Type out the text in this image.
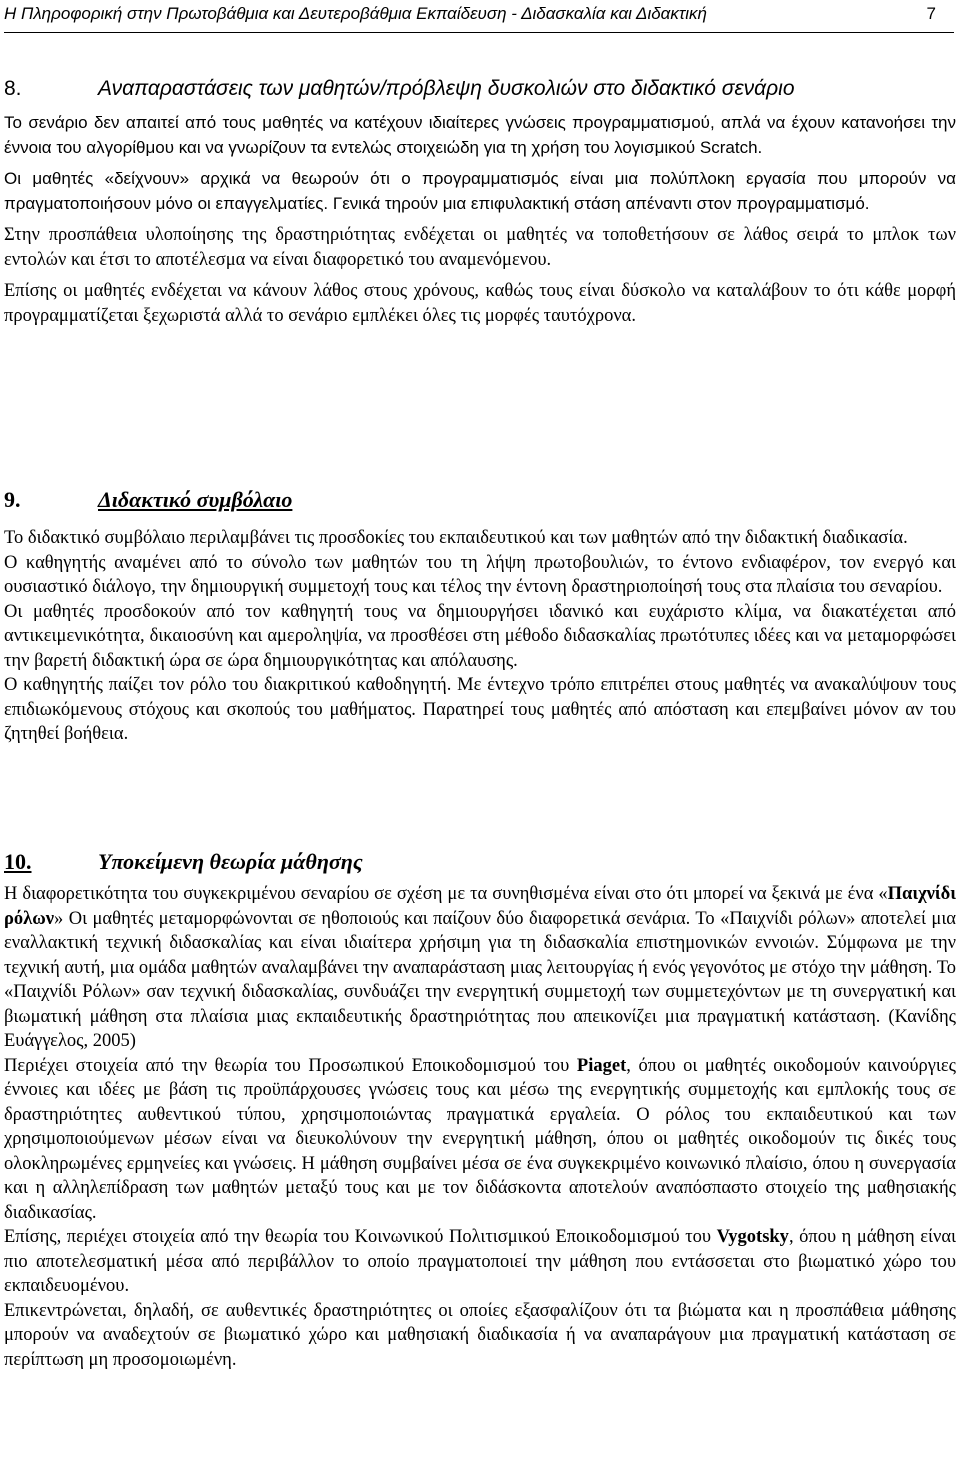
Η Πληροφορική στην Πρωτοβάθμια και Δευτεροβάθμια Εκπαίδευση - Διδασκαλία και Διδακτική	7
8.	Αναπαραστάσεις των μαθητών/πρόβλεψη δυσκολιών στο διδακτικό σενάριο

Το σενάριο δεν απαιτεί από τους μαθητές να κατέχουν ιδιαίτερες γνώσεις προγραμματισμού, απλά να έχουν κατανοήσει την έννοια του αλγορίθμου και να γνωρίζουν τα εντελώς στοιχειώδη για τη χρήση του λογισμικού Scratch.

Οι μαθητές «δείχνουν» αρχικά να θεωρούν ότι ο προγραμματισμός είναι μια πολύπλοκη εργασία που μπορούν να πραγματοποιήσουν μόνο οι επαγγελματίες. Γενικά τηρούν μια επιφυλακτική στάση απέναντι στον προγραμματισμό.

Στην προσπάθεια υλοποίησης της δραστηριότητας ενδέχεται οι μαθητές να τοποθετήσουν σε λάθος σειρά το μπλοκ των εντολών και έτσι το αποτέλεσμα να είναι διαφορετικό του αναμενόμενου.

Επίσης οι μαθητές ενδέχεται να κάνουν λάθος στους χρόνους, καθώς τους είναι δύσκολο να καταλάβουν το ότι κάθε μορφή προγραμματίζεται ξεχωριστά αλλά το σενάριο εμπλέκει όλες τις μορφές ταυτόχρονα.

9.	Διδακτικό συμβόλαιο

Το διδακτικό συμβόλαιο περιλαμβάνει τις προσδοκίες του εκπαιδευτικού και των μαθητών από την διδακτική διαδικασία.

Ο καθηγητής αναμένει από το σύνολο των μαθητών του τη λήψη πρωτοβουλιών, το έντονο ενδιαφέρον, τον ενεργό και ουσιαστικό διάλογο, την δημιουργική συμμετοχή τους και τέλος την έντονη δραστηριοποίησή τους στα πλαίσια του σεναρίου.

Οι μαθητές προσδοκούν από τον καθηγητή τους να δημιουργήσει ιδανικό και ευχάριστο κλίμα, να διακατέχεται από αντικειμενικότητα, δικαιοσύνη και αμεροληψία, να προσθέσει στη μέθοδο διδασκαλίας πρωτότυπες ιδέες και να μεταμορφώσει την βαρετή διδακτική ώρα σε ώρα δημιουργικότητας και απόλαυσης.

Ο καθηγητής παίζει τον ρόλο του διακριτικού καθοδηγητή. Με έντεχνο τρόπο επιτρέπει στους μαθητές να ανακαλύψουν τους επιδιωκόμενους στόχους και σκοπούς του μαθήματος. Παρατηρεί τους μαθητές από απόσταση και επεμβαίνει μόνον αν του ζητηθεί βοήθεια.

10.	Υποκείμενη θεωρία μάθησης

Η διαφορετικότητα του συγκεκριμένου σεναρίου σε σχέση με τα συνηθισμένα είναι στο ότι μπορεί να ξεκινά με ένα «Παιχνίδι ρόλων» Οι μαθητές μεταμορφώνονται σε ηθοποιούς και παίζουν δύο διαφορετικά σενάρια. Το «Παιχνίδι ρόλων» αποτελεί μια εναλλακτική τεχνική διδασκαλίας και είναι ιδιαίτερα χρήσιμη για τη διδασκαλία επιστημονικών εννοιών. Σύμφωνα με την τεχνική αυτή, μια ομάδα μαθητών αναλαμβάνει την αναπαράσταση μιας λειτουργίας ή ενός γεγονότος με στόχο την μάθηση. Το «Παιχνίδι Ρόλων» σαν τεχνική διδασκαλίας, συνδυάζει την ενεργητική συμμετοχή των συμμετεχόντων με τη συνεργατική και βιωματική μάθηση στα πλαίσια μιας εκπαιδευτικής δραστηριότητας που απεικονίζει μια πραγματική κατάσταση. (Κανίδης Ευάγγελος, 2005)

Περιέχει στοιχεία από την θεωρία του Προσωπικού Εποικοδομισμού του Piaget, όπου οι μαθητές οικοδομούν καινούργιες έννοιες και ιδέες με βάση τις προϋπάρχουσες γνώσεις τους και μέσω της ενεργητικής συμμετοχής και εμπλοκής τους σε δραστηριότητες αυθεντικού τύπου, χρησιμοποιώντας πραγματικά εργαλεία. Ο ρόλος του εκπαιδευτικού και των χρησιμοποιούμενων μέσων είναι να διευκολύνουν την ενεργητική μάθηση, όπου οι μαθητές οικοδομούν τις δικές τους ολοκληρωμένες ερμηνείες και γνώσεις. Η μάθηση συμβαίνει μέσα σε ένα συγκεκριμένο κοινωνικό πλαίσιο, όπου η συνεργασία και η αλληλεπίδραση των μαθητών μεταξύ τους και με τον διδάσκοντα αποτελούν αναπόσπαστο στοιχείο της μαθησιακής διαδικασίας.

Επίσης, περιέχει στοιχεία από την θεωρία του Κοινωνικού Πολιτισμικού Εποικοδομισμού του Vygotsky, όπου η μάθηση είναι πιο αποτελεσματική μέσα από περιβάλλον το οποίο πραγματοποιεί την μάθηση που εντάσσεται στο βιωματικό χώρο του εκπαιδευομένου.

Επικεντρώνεται, δηλαδή, σε αυθεντικές δραστηριότητες οι οποίες εξασφαλίζουν ότι τα βιώματα και η προσπάθεια μάθησης μπορούν να αναδεχτούν σε βιωματικό χώρο και μαθησιακή διαδικασία ή να αναπαράγουν μια πραγματική κατάσταση σε περίπτωση μη προσομοιωμένη.
